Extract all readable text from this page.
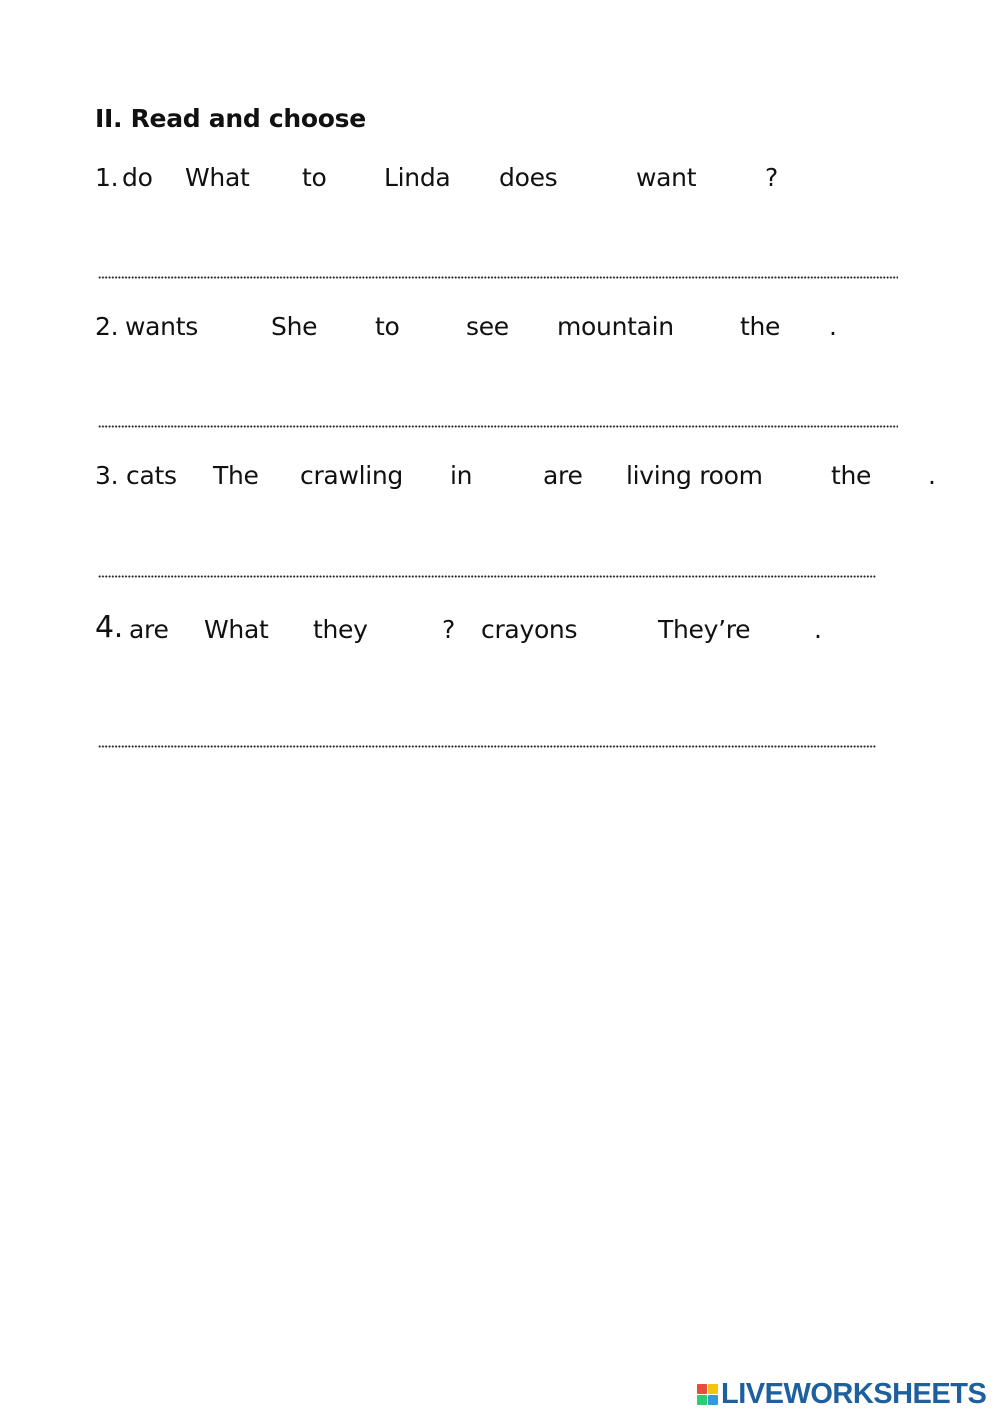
II. Read and choose
1. do What to Linda does	want	?
2. wants	She to	see mountain	the .
3. cats The crawling in	are living room	the .
4. are What they	? crayons	They’re	.
LIVEWORKSHEETS
